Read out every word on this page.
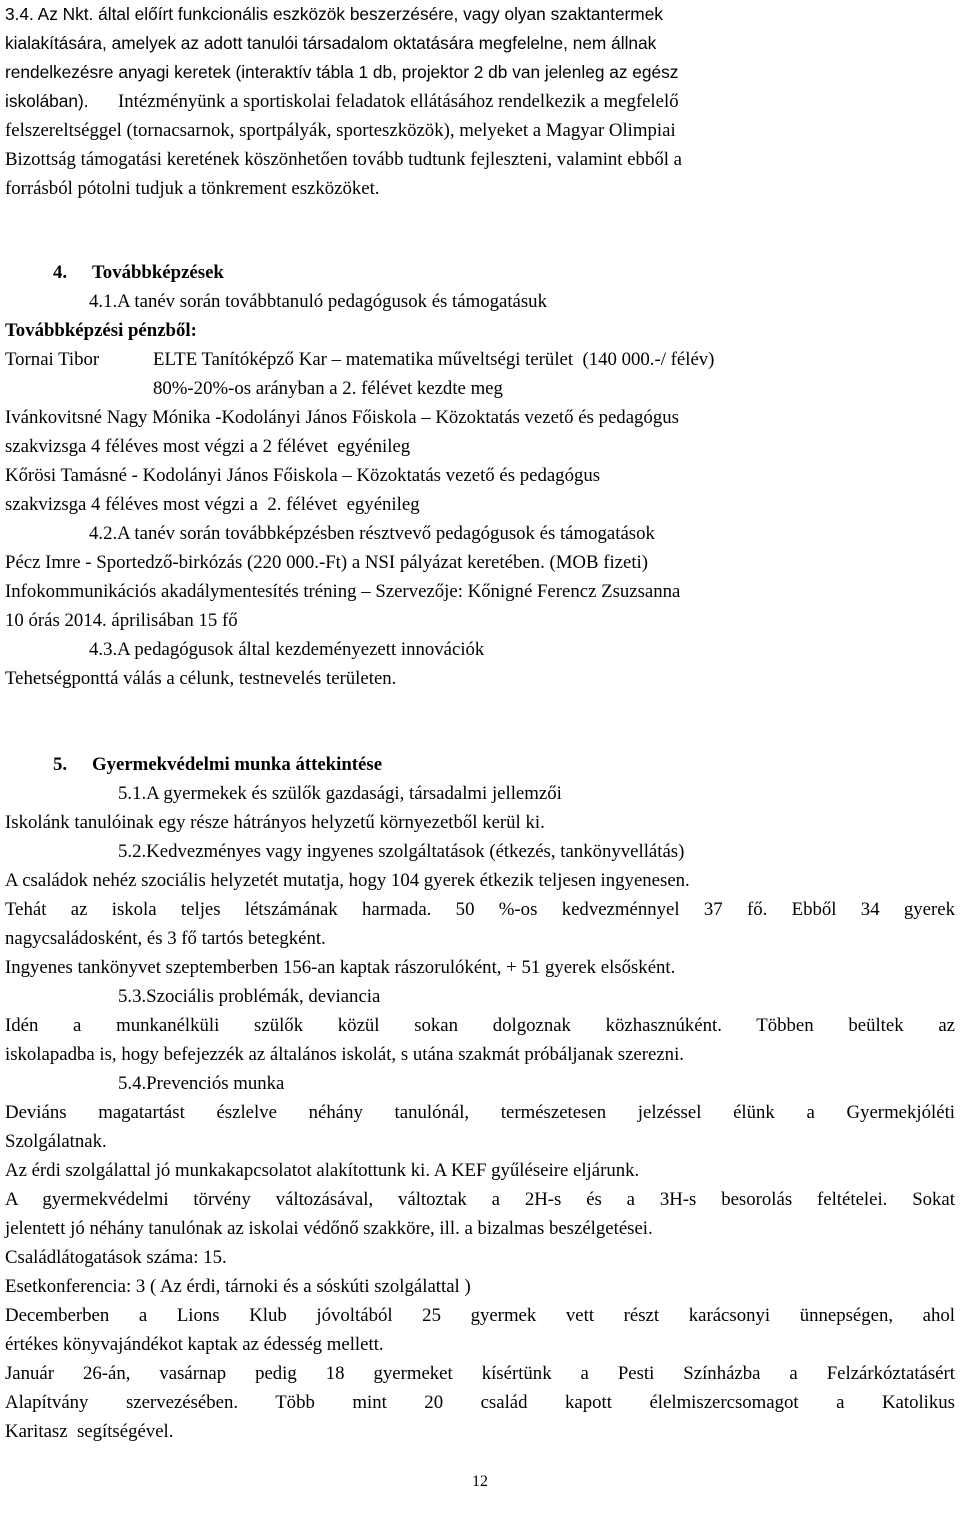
3.4. Az Nkt. által előírt funkcionális eszközök beszerzésére, vagy olyan szaktantermek

kialakítására, amelyek az adott tanulói társadalom oktatására megfelelne, nem állnak

rendelkezésre anyagi keretek (interaktív tábla 1 db, projektor 2 db van jelenleg az egész

iskolában). Intézményünk a sportiskolai feladatok ellátásához rendelkezik a megfelelő

felszereltséggel (tornacsarnok, sportpályák, sporteszközök), melyeket a Magyar Olimpiai

Bizottság támogatási keretének köszönhetően tovább tudtunk fejleszteni, valamint ebből a

forrásból pótolni tudjuk a tönkrement eszközöket.

4. Továbbképzések

4.1.A tanév során továbbtanuló pedagógusok és támogatásuk

Továbbképzési pénzből:

Tornai Tibor	ELTE Tanítóképző Kar – matematika műveltségi terület  (140 000.-/ félév)

80%-20%-os arányban a 2. félévet kezdte meg

Ivánkovitsné Nagy Mónika -Kodolányi János Főiskola – Közoktatás vezető és pedagógus

szakvizsga 4 féléves most végzi a 2 félévet  egyénileg

Kőrösi Tamásné - Kodolányi János Főiskola – Közoktatás vezető és pedagógus

szakvizsga 4 féléves most végzi a  2. félévet  egyénileg

4.2.A tanév során továbbképzésben résztvevő pedagógusok és támogatások

Pécz Imre - Sportedző-birkózás (220 000.-Ft) a NSI pályázat keretében. (MOB fizeti)

Infokommunikációs akadálymentesítés tréning – Szervezője: Kőnigné Ferencz Zsuzsanna

10 órás 2014. áprilisában 15 fő

4.3.A pedagógusok által kezdeményezett innovációk

Tehetségponttá válás a célunk, testnevelés területen.

5. Gyermekvédelmi munka áttekintése

5.1.A gyermekek és szülők gazdasági, társadalmi jellemzői

Iskolánk tanulóinak egy része hátrányos helyzetű környezetből kerül ki.

5.2.Kedvezményes vagy ingyenes szolgáltatások (étkezés, tankönyvellátás)

A családok nehéz szociális helyzetét mutatja, hogy 104 gyerek étkezik teljesen ingyenesen.

Tehát az iskola teljes létszámának harmada. 50 %-os kedvezménnyel 37 fő. Ebből 34 gyerek

nagycsaládosként, és 3 fő tartós betegként.

Ingyenes tankönyvet szeptemberben 156-an kaptak rászorulóként, + 51 gyerek elsősként.

5.3.Szociális problémák, deviancia

Idén a munkanélküli szülők közül sokan dolgoznak közhasznúként. Többen beültek az

iskolapadba is, hogy befejezzék az általános iskolát, s utána szakmát próbáljanak szerezni.

5.4.Prevenciós munka

Deviáns magatartást észlelve néhány tanulónál, természetesen jelzéssel élünk a Gyermekjóléti

Szolgálatnak.

Az érdi szolgálattal jó munkakapcsolatot alakítottunk ki. A KEF gyűléseire eljárunk.

A gyermekvédelmi törvény változásával, változtak a 2H-s és a 3H-s besorolás feltételei. Sokat

jelentett jó néhány tanulónak az iskolai védőnő szakköre, ill. a bizalmas beszélgetései.

Családlátogatások száma: 15.

Esetkonferencia: 3 ( Az érdi, tárnoki és a sóskúti szolgálattal )

Decemberben a Lions Klub jóvoltából 25 gyermek vett részt karácsonyi ünnepségen, ahol

értékes könyvajándékot kaptak az édesség mellett.

Január 26-án, vasárnap pedig 18 gyermeket kísértünk a Pesti Színházba a Felzárkóztatásért

Alapítvány szervezésében. Több mint 20 család kapott élelmiszercsomagot a Katolikus

Karitasz  segítségével.

12
